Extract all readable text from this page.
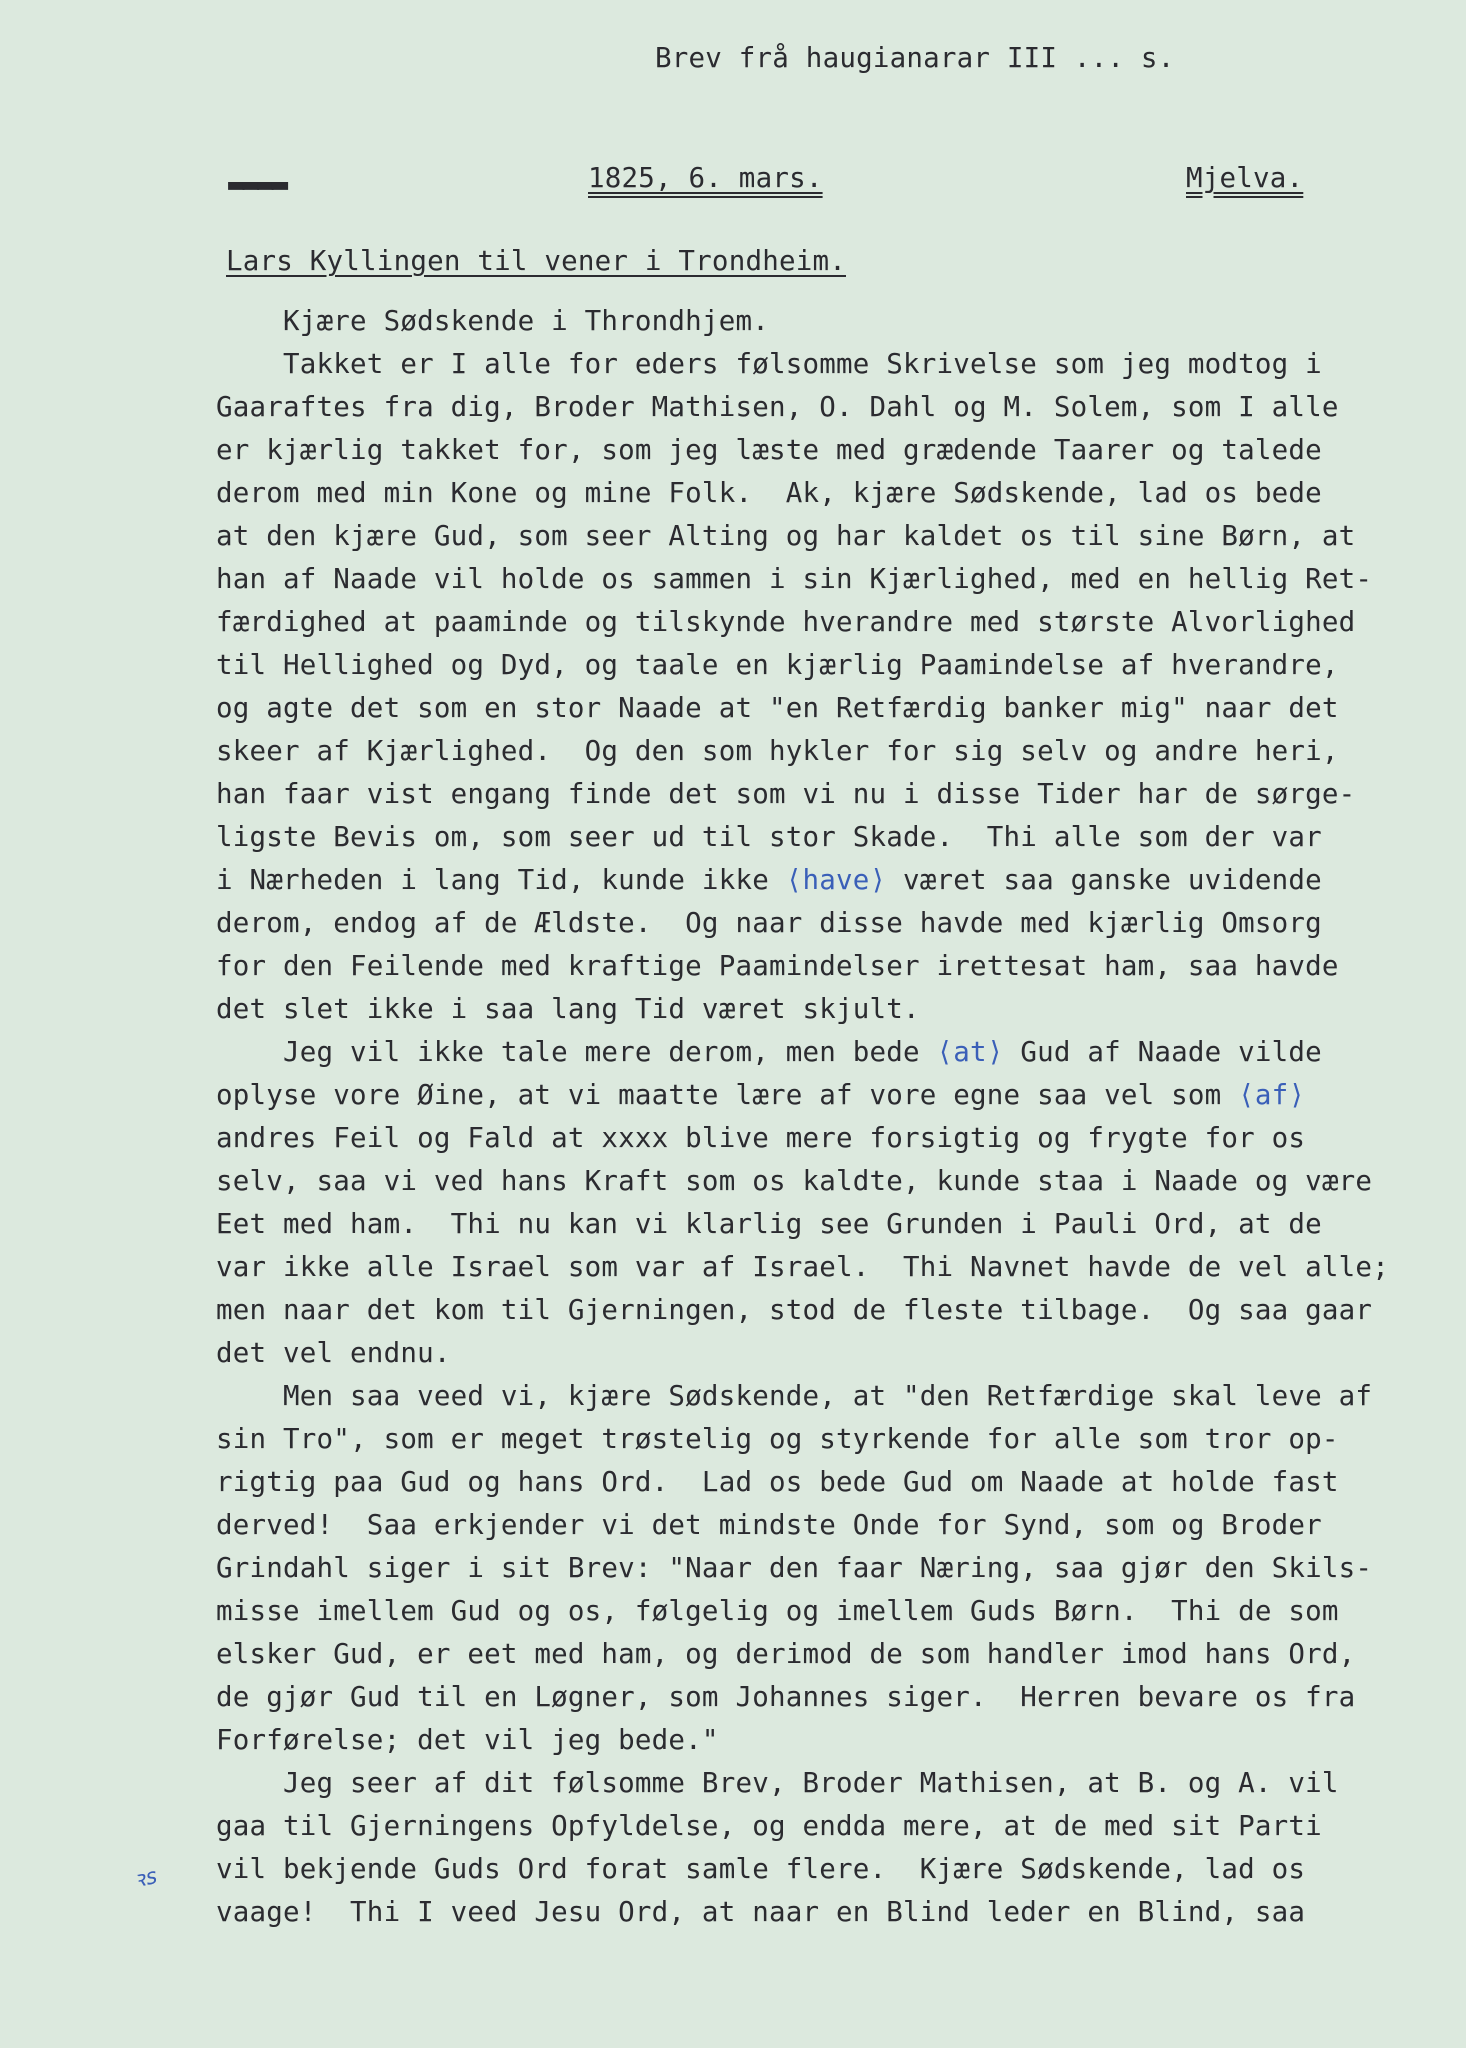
Brev frå haugianarar III ... s.
▬▬▬▬	1825, 6. mars.	Mjelva.
Lars Kyllingen til vener i Trondheim.
Kjære Sødskende i Throndhjem.
Takket er I alle for eders følsomme Skrivelse som jeg modtog i
Gaaraftes fra dig, Broder Mathisen, O. Dahl og M. Solem, som I alle
er kjærlig takket for, som jeg læste med grædende Taarer og talede
derom med min Kone og mine Folk.  Ak, kjære Sødskende, lad os bede
at den kjære Gud, som seer Alting og har kaldet os til sine Børn, at
han af Naade vil holde os sammen i sin Kjærlighed, med en hellig Ret-
færdighed at paaminde og tilskynde hverandre med største Alvorlighed
til Hellighed og Dyd, og taale en kjærlig Paamindelse af hverandre,
og agte det som en stor Naade at "en Retfærdig banker mig" naar det
skeer af Kjærlighed.  Og den som hykler for sig selv og andre heri,
han faar vist engang finde det som vi nu i disse Tider har de sørge-
ligste Bevis om, som seer ud til stor Skade.  Thi alle som der var
i Nærheden i lang Tid, kunde ikke ⟨have⟩ været saa ganske uvidende
derom, endog af de Ældste.  Og naar disse havde med kjærlig Omsorg
for den Feilende med kraftige Paamindelser irettesat ham, saa havde
det slet ikke i saa lang Tid været skjult.
Jeg vil ikke tale mere derom, men bede ⟨at⟩ Gud af Naade vilde
oplyse vore Øine, at vi maatte lære af vore egne saa vel som ⟨af⟩
andres Feil og Fald at xxxx blive mere forsigtig og frygte for os
selv, saa vi ved hans Kraft som os kaldte, kunde staa i Naade og være
Eet med ham.  Thi nu kan vi klarlig see Grunden i Pauli Ord, at de
var ikke alle Israel som var af Israel.  Thi Navnet havde de vel alle;
men naar det kom til Gjerningen, stod de fleste tilbage.  Og saa gaar
det vel endnu.
Men saa veed vi, kjære Sødskende, at "den Retfærdige skal leve af
sin Tro", som er meget trøstelig og styrkende for alle som tror op-
rigtig paa Gud og hans Ord.  Lad os bede Gud om Naade at holde fast
derved!  Saa erkjender vi det mindste Onde for Synd, som og Broder
Grindahl siger i sit Brev: "Naar den faar Næring, saa gjør den Skils-
misse imellem Gud og os, følgelig og imellem Guds Børn.  Thi de som
elsker Gud, er eet med ham, og derimod de som handler imod hans Ord,
de gjør Gud til en Løgner, som Johannes siger.  Herren bevare os fra
Forførelse; det vil jeg bede."
Jeg seer af dit følsomme Brev, Broder Mathisen, at B. og A. vil
gaa til Gjerningens Opfyldelse, og endda mere, at de med sit Parti
vil bekjende Guds Ord forat samle flere.  Kjære Sødskende, lad os
vaage!  Thi I veed Jesu Ord, at naar en Blind leder en Blind, saa
ꝛs
